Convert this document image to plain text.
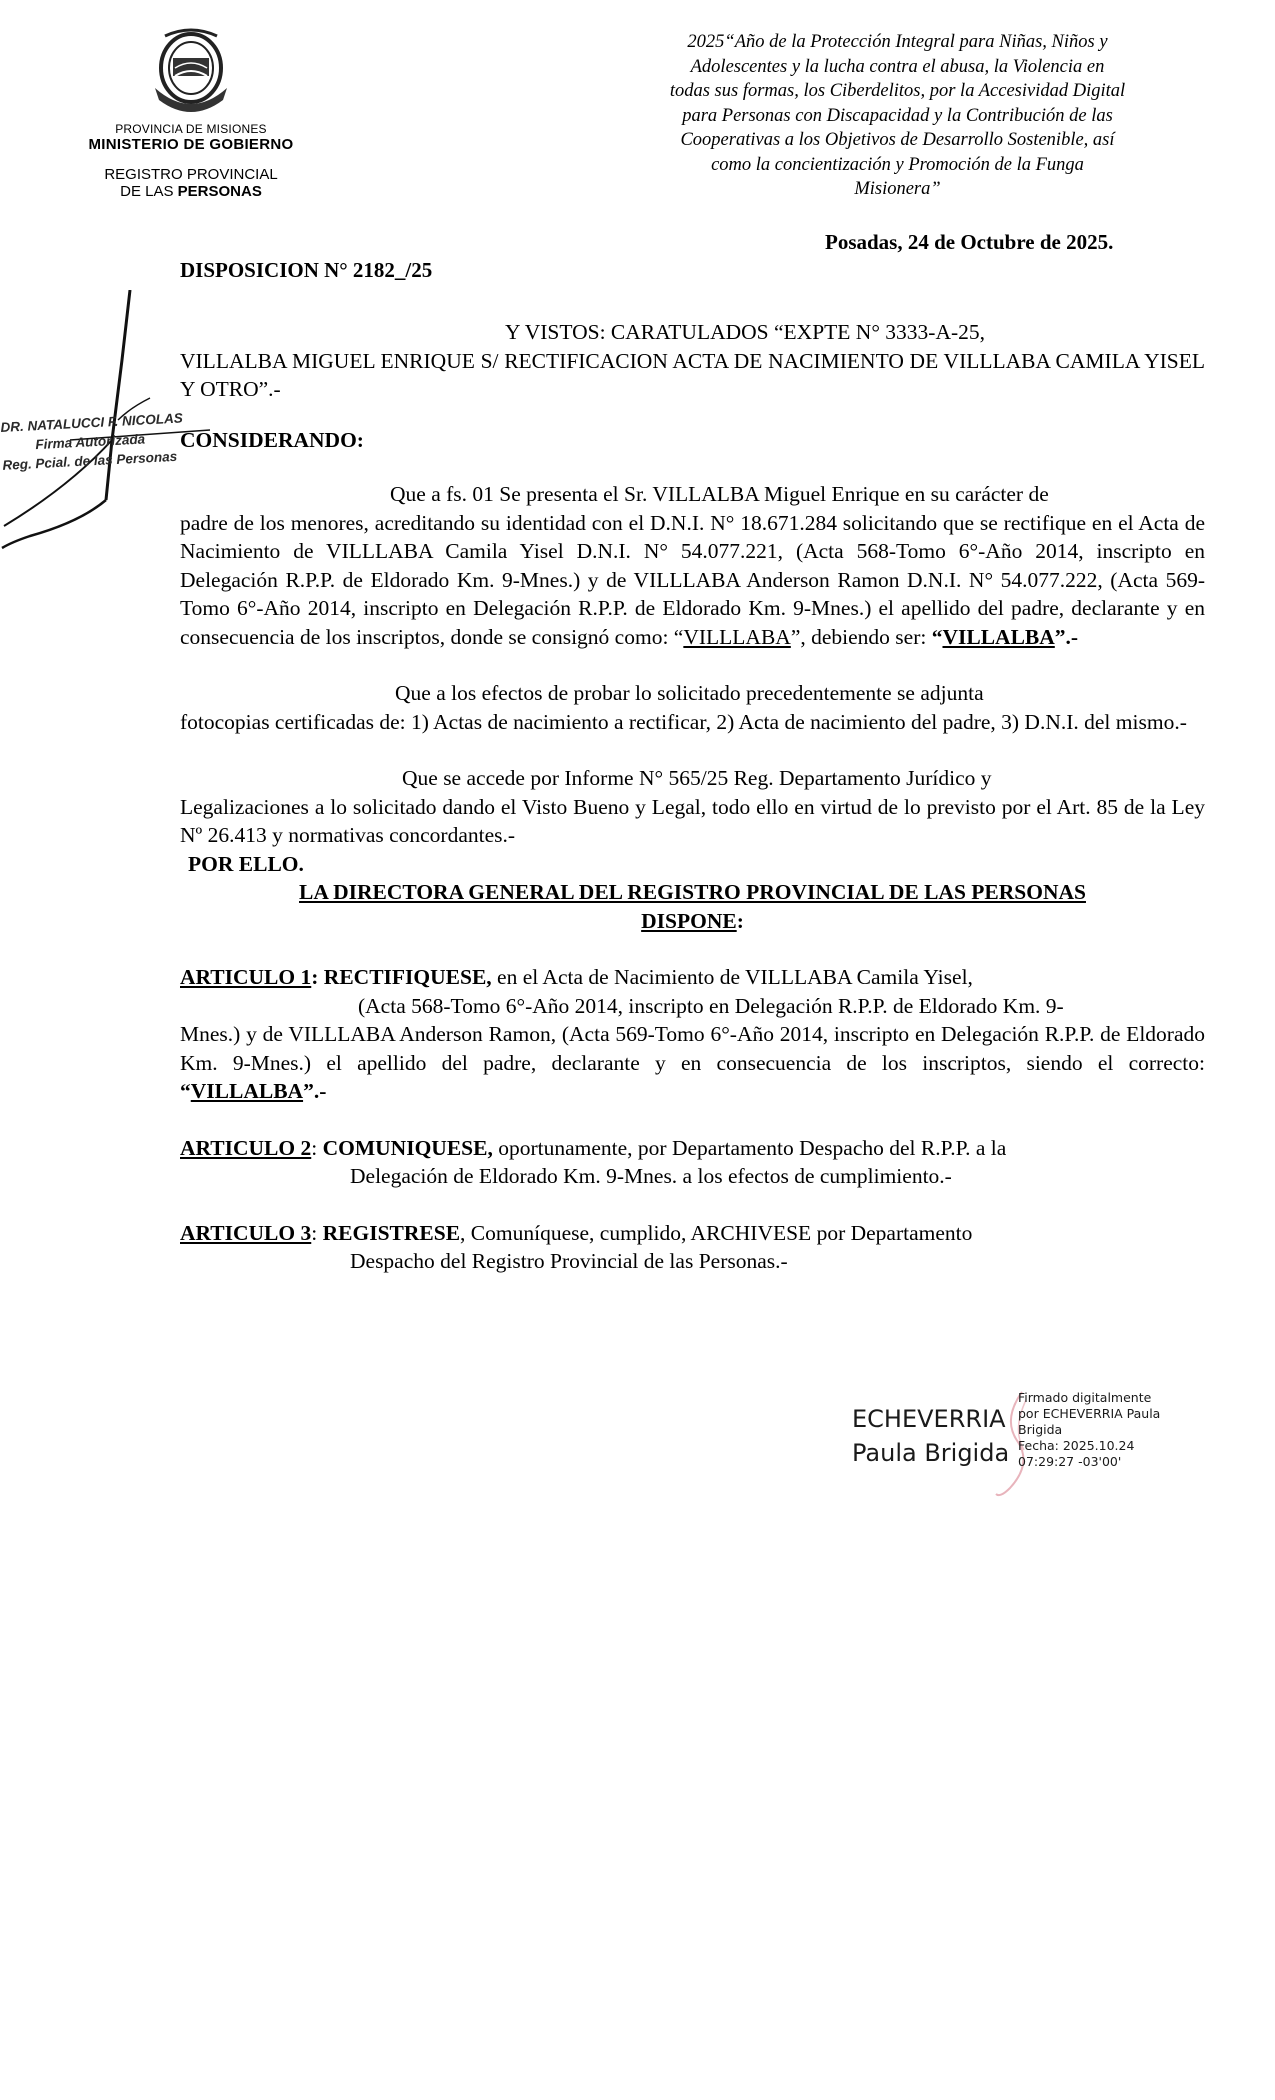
PROVINCIA DE MISIONES
MINISTERIO DE GOBIERNO
REGISTRO PROVINCIAL
DE LAS PERSONAS
2025“Año de la Protección Integral para Niñas, Niños y
Adolescentes y la lucha contra el abusa, la Violencia en
todas sus formas, los Ciberdelitos, por la Accesividad Digital
para Personas con Discapacidad y la Contribución de las
Cooperativas a los Objetivos de Desarrollo Sostenible, así
como la concientización y Promoción de la Funga
Misionera”
Posadas, 24 de Octubre de 2025.
DISPOSICION N° 2182_/25
DR. NATALUCCI F. NICOLAS
Firma Autorizada
Reg. Pcial. de las Personas
Y VISTOS: CARATULADOS “EXPTE N° 3333-A-25,
VILLALBA MIGUEL ENRIQUE S/ RECTIFICACION ACTA DE NACIMIENTO DE VILLLABA CAMILA YISEL Y OTRO”.-
CONSIDERANDO:
Que a fs. 01 Se presenta el Sr. VILLALBA Miguel Enrique en su carácter de
padre de los menores, acreditando su identidad con el D.N.I. N° 18.671.284 solicitando que se rectifique en el Acta de Nacimiento de VILLLABA Camila Yisel D.N.I. N° 54.077.221, (Acta 568-Tomo 6°-Año 2014, inscripto en Delegación R.P.P. de Eldorado Km. 9-Mnes.) y de VILLLABA Anderson Ramon D.N.I. N° 54.077.222, (Acta 569-Tomo 6°-Año 2014, inscripto en Delegación R.P.P. de Eldorado Km. 9-Mnes.) el apellido del padre, declarante y en consecuencia de los inscriptos, donde se consignó como: “VILLLABA”, debiendo ser: “VILLALBA”.-
Que a los efectos de probar lo solicitado precedentemente se adjunta
fotocopias certificadas de: 1) Actas de nacimiento a rectificar, 2) Acta de nacimiento del padre, 3) D.N.I. del mismo.-
Que se accede por Informe N° 565/25 Reg. Departamento Jurídico y
Legalizaciones a lo solicitado dando el Visto Bueno y Legal, todo ello en virtud de lo previsto por el Art. 85 de la Ley Nº 26.413 y normativas concordantes.-
POR ELLO.
LA DIRECTORA GENERAL DEL REGISTRO PROVINCIAL DE LAS PERSONAS
DISPONE:
ARTICULO 1: RECTIFIQUESE, en el Acta de Nacimiento de VILLLABA Camila Yisel,
(Acta 568-Tomo 6°-Año 2014, inscripto en Delegación R.P.P. de Eldorado Km. 9-
Mnes.) y de VILLLABA Anderson Ramon, (Acta 569-Tomo 6°-Año 2014, inscripto en Delegación R.P.P. de Eldorado Km. 9-Mnes.) el apellido del padre, declarante y en consecuencia de los inscriptos, siendo el correcto: “VILLALBA”.-
ARTICULO 2: COMUNIQUESE, oportunamente, por Departamento Despacho del R.P.P. a la
Delegación de Eldorado Km. 9-Mnes. a los efectos de cumplimiento.-
ARTICULO 3: REGISTRESE, Comuníquese, cumplido, ARCHIVESE por Departamento
Despacho del Registro Provincial de las Personas.-
ECHEVERRIA
Paula Brigida
Firmado digitalmente
por ECHEVERRIA Paula
Brigida
Fecha: 2025.10.24
07:29:27 -03'00'
